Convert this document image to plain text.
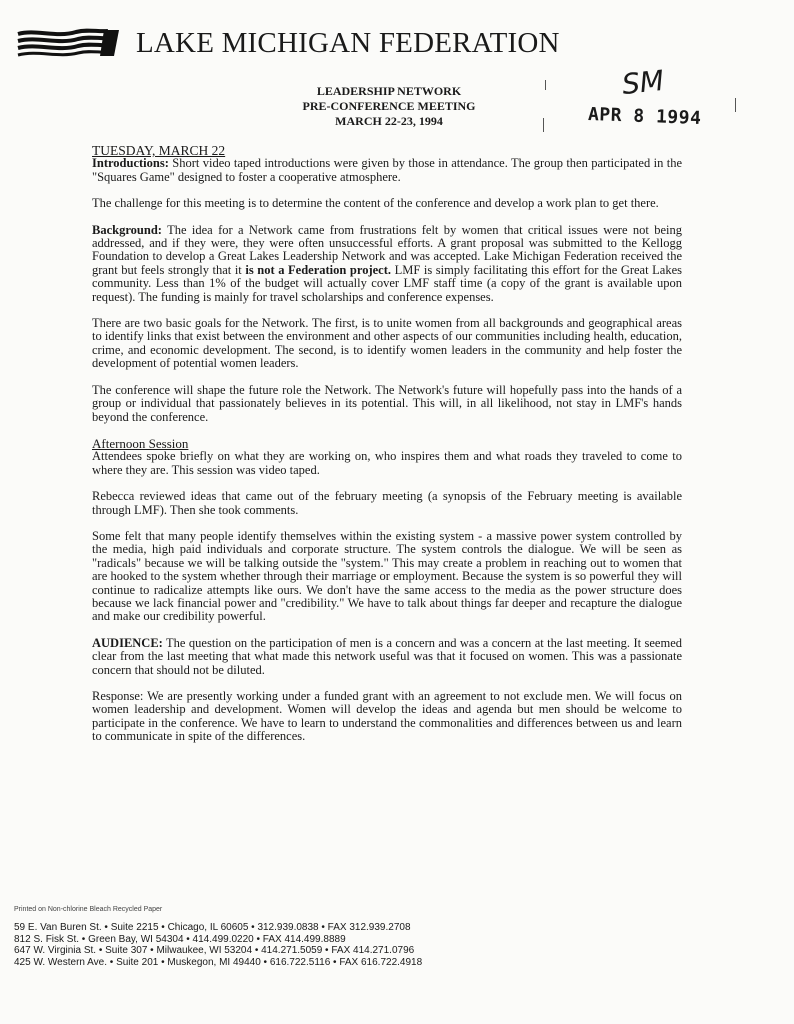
LAKE MICHIGAN FEDERATION
LEADERSHIP NETWORK
PRE-CONFERENCE MEETING
MARCH 22-23, 1994
SM
APR 8 1994
TUESDAY, MARCH 22

Introductions: Short video taped introductions were given by those in attendance. The group then participated in the "Squares Game" designed to foster a cooperative atmosphere.

The challenge for this meeting is to determine the content of the conference and develop a work plan to get there.

Background: The idea for a Network came from frustrations felt by women that critical issues were not being addressed, and if they were, they were often unsuccessful efforts. A grant proposal was submitted to the Kellogg Foundation to develop a Great Lakes Leadership Network and was accepted. Lake Michigan Federation received the grant but feels strongly that it is not a Federation project. LMF is simply facilitating this effort for the Great Lakes community. Less than 1% of the budget will actually cover LMF staff time (a copy of the grant is available upon request). The funding is mainly for travel scholarships and conference expenses.

There are two basic goals for the Network. The first, is to unite women from all backgrounds and geographical areas to identify links that exist between the environment and other aspects of our communities including health, education, crime, and economic development. The second, is to identify women leaders in the community and help foster the development of potential women leaders.

The conference will shape the future role the Network. The Network's future will hopefully pass into the hands of a group or individual that passionately believes in its potential. This will, in all likelihood, not stay in LMF's hands beyond the conference.

Afternoon Session

Attendees spoke briefly on what they are working on, who inspires them and what roads they traveled to come to where they are. This session was video taped.

Rebecca reviewed ideas that came out of the february meeting (a synopsis of the February meeting is available through LMF). Then she took comments.

Some felt that many people identify themselves within the existing system - a massive power system controlled by the media, high paid individuals and corporate structure. The system controls the dialogue. We will be seen as "radicals" because we will be talking outside the "system." This may create a problem in reaching out to women that are hooked to the system whether through their marriage or employment. Because the system is so powerful they will continue to radicalize attempts like ours. We don't have the same access to the media as the power structure does because we lack financial power and "credibility." We have to talk about things far deeper and recapture the dialogue and make our credibility powerful.

AUDIENCE: The question on the participation of men is a concern and was a concern at the last meeting. It seemed clear from the last meeting that what made this network useful was that it focused on women. This was a passionate concern that should not be diluted.

Response: We are presently working under a funded grant with an agreement to not exclude men. We will focus on women leadership and development. Women will develop the ideas and agenda but men should be welcome to participate in the conference. We have to learn to understand the commonalities and differences between us and learn to communicate in spite of the differences.

Printed on Non-chlorine Bleach Recycled Paper
59 E. Van Buren St. • Suite 2215 • Chicago, IL 60605 • 312.939.0838 • FAX 312.939.2708
812 S. Fisk St. • Green Bay, WI 54304 • 414.499.0220 • FAX 414.499.8889
647 W. Virginia St. • Suite 307 • Milwaukee, WI 53204 • 414.271.5059 • FAX 414.271.0796
425 W. Western Ave. • Suite 201 • Muskegon, MI 49440 • 616.722.5116 • FAX 616.722.4918
